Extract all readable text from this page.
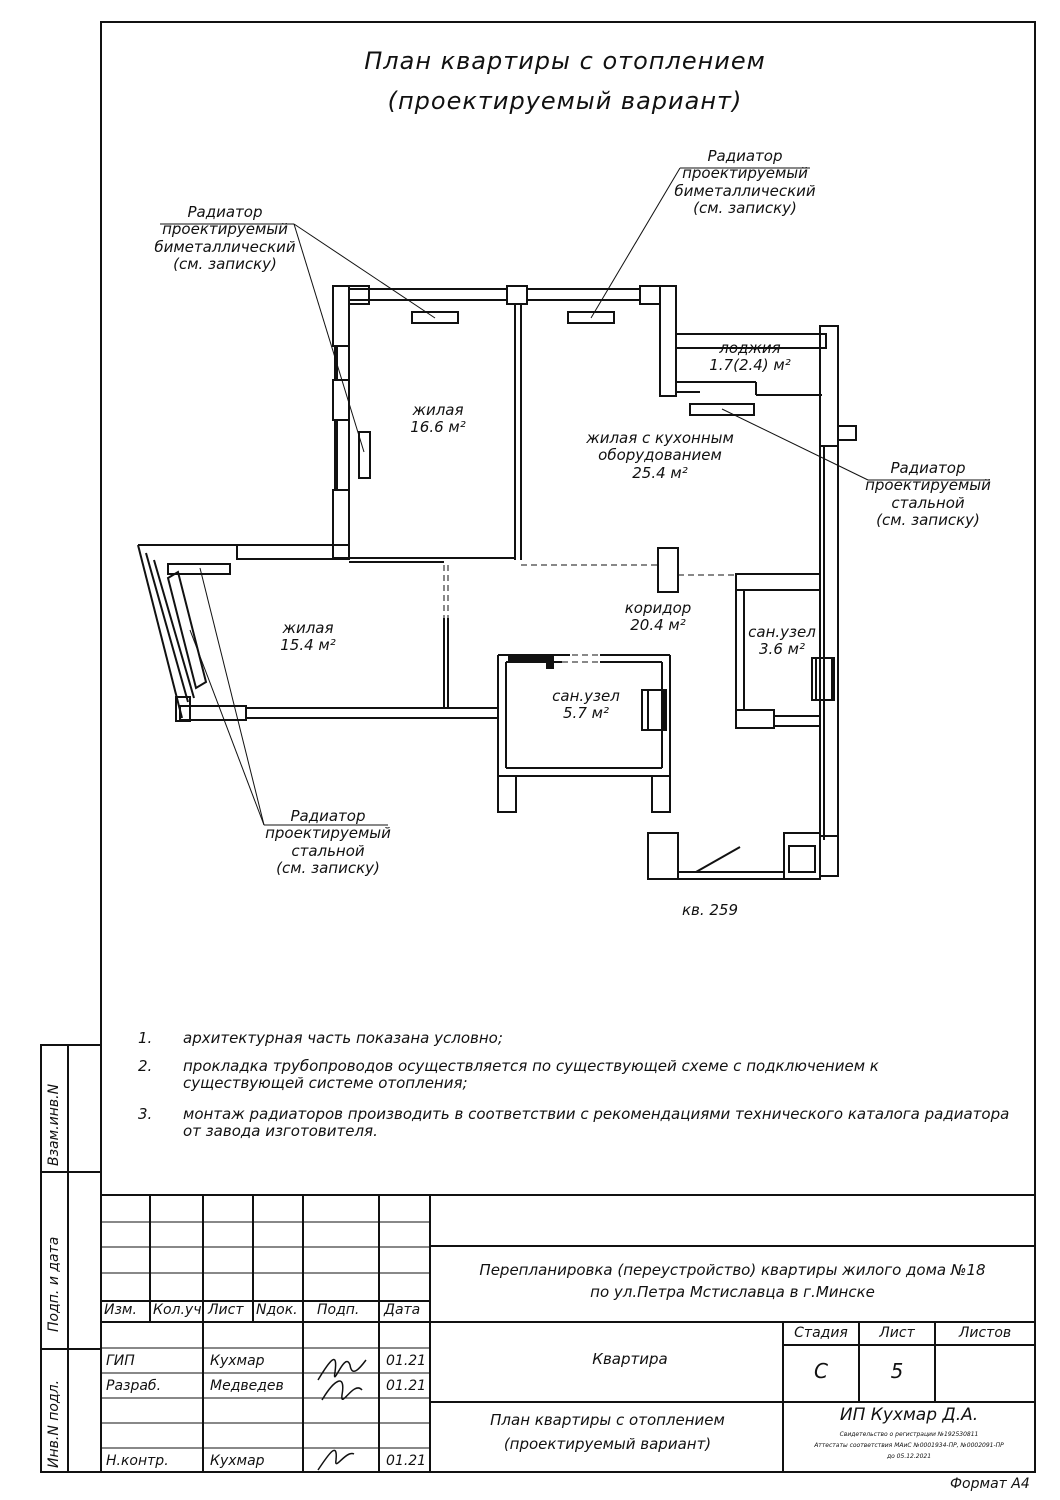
План квартиры с отоплением
(проектируемый вариант)
Радиатор
проектируемый
биметаллический
(см. записку)
Радиатор
проектируемый
биметаллический
(см. записку)
Радиатор
проектируемый
стальной
(см. записку)
Радиатор
проектируемый
стальной
(см. записку)
жилая
16.6 м²
жилая с кухонным
оборудованием
25.4 м²
лоджия
1.7(2.4) м²
жилая
15.4 м²
коридор
20.4 м²
сан.узел
5.7 м²
сан.узел
3.6 м²
кв. 259
1. архитектурная часть показана условно;
2. прокладка трубопроводов осуществляется по существующей схеме с подключением к существующей системе отопления;
3. монтаж радиаторов производить в соответствии с рекомендациями технического каталога радиатора от завода изготовителя.
Взам.инв.N
Подп. и дата
Инв.N подл.
Перепланировка (переустройство) квартиры жилого дома №18
по ул.Петра Мстиславца в г.Минске
Изм. Кол.уч. Лист Nдок. Подп. Дата
ГИП	Кухмар	01.21
Разраб.	Медведев	01.21
Н.контр.	Кухмар	01.21
Квартира
План квартиры с отоплением
(проектируемый вариант)
Стадия	Лист	Листов
С	5
ИП Кухмар Д.А.
Свидетельство о регистрации №192530811
Аттестаты соответствия МАиС №0001934-ПР, №0002091-ПР
до 05.12.2021
Формат А4
